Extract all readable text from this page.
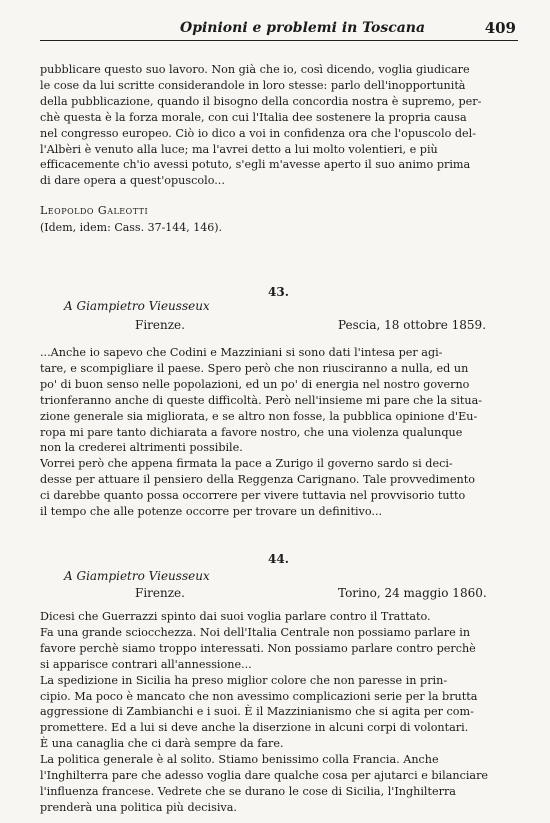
Opinioni e problemi in Toscana	409
pubblicare questo suo lavoro. Non già che io, così dicendo, voglia giudicare
le cose da lui scritte considerandole in loro stesse: parlo dell'inopportunità
della pubblicazione, quando il bisogno della concordia nostra è supremo, per-
chè questa è la forza morale, con cui l'Italia dee sostenere la propria causa
nel congresso europeo. Ciò io dico a voi in confidenza ora che l'opuscolo del-
l'Albèri è venuto alla luce; ma l'avrei detto a lui molto volentieri, e più
efficacemente ch'io avessi potuto, s'egli m'avesse aperto il suo animo prima
di dare opera a quest'opuscolo...
Leopoldo Galeotti
(Idem, idem: Cass. 37-144, 146).
43.
A Giampietro Vieusseux
Firenze.	Pescia, 18 ottobre 1859.
...Anche io sapevo che Codini e Mazziniani si sono dati l'intesa per agi-
tare, e scompigliare il paese. Spero però che non riusciranno a nulla, ed un
po' di buon senso nelle popolazioni, ed un po' di energia nel nostro governo
trionferanno anche di queste difficoltà. Però nell'insieme mi pare che la situa-
zione generale sia migliorata, e se altro non fosse, la pubblica opinione d'Eu-
ropa mi pare tanto dichiarata a favore nostro, che una violenza qualunque
non la crederei altrimenti possibile.
Vorrei però che appena firmata la pace a Zurigo il governo sardo si deci-
desse per attuare il pensiero della Reggenza Carignano. Tale provvedimento
ci darebbe quanto possa occorrere per vivere tuttavia nel provvisorio tutto
il tempo che alle potenze occorre per trovare un definitivo...
44.
A Giampietro Vieusseux
Firenze.	Torino, 24 maggio 1860.
Dicesi che Guerrazzi spinto dai suoi voglia parlare contro il Trattato.
Fa una grande sciocchezza. Noi dell'Italia Centrale non possiamo parlare in
favore perchè siamo troppo interessati. Non possiamo parlare contro perchè
si apparisce contrari all'annessione...
La spedizione in Sicilia ha preso miglior colore che non paresse in prin-
cipio. Ma poco è mancato che non avessimo complicazioni serie per la brutta
aggressione di Zambianchi e i suoi. È il Mazzinianismo che si agita per com-
promettere. Ed a lui si deve anche la diserzione in alcuni corpi di volontari.
È una canaglia che ci darà sempre da fare.
La politica generale è al solito. Stiamo benissimo colla Francia. Anche
l'Inghilterra pare che adesso voglia dare qualche cosa per ajutarci e bilanciare
l'influenza francese. Vedrete che se durano le cose di Sicilia, l'Inghilterra
prenderà una politica più decisiva.
